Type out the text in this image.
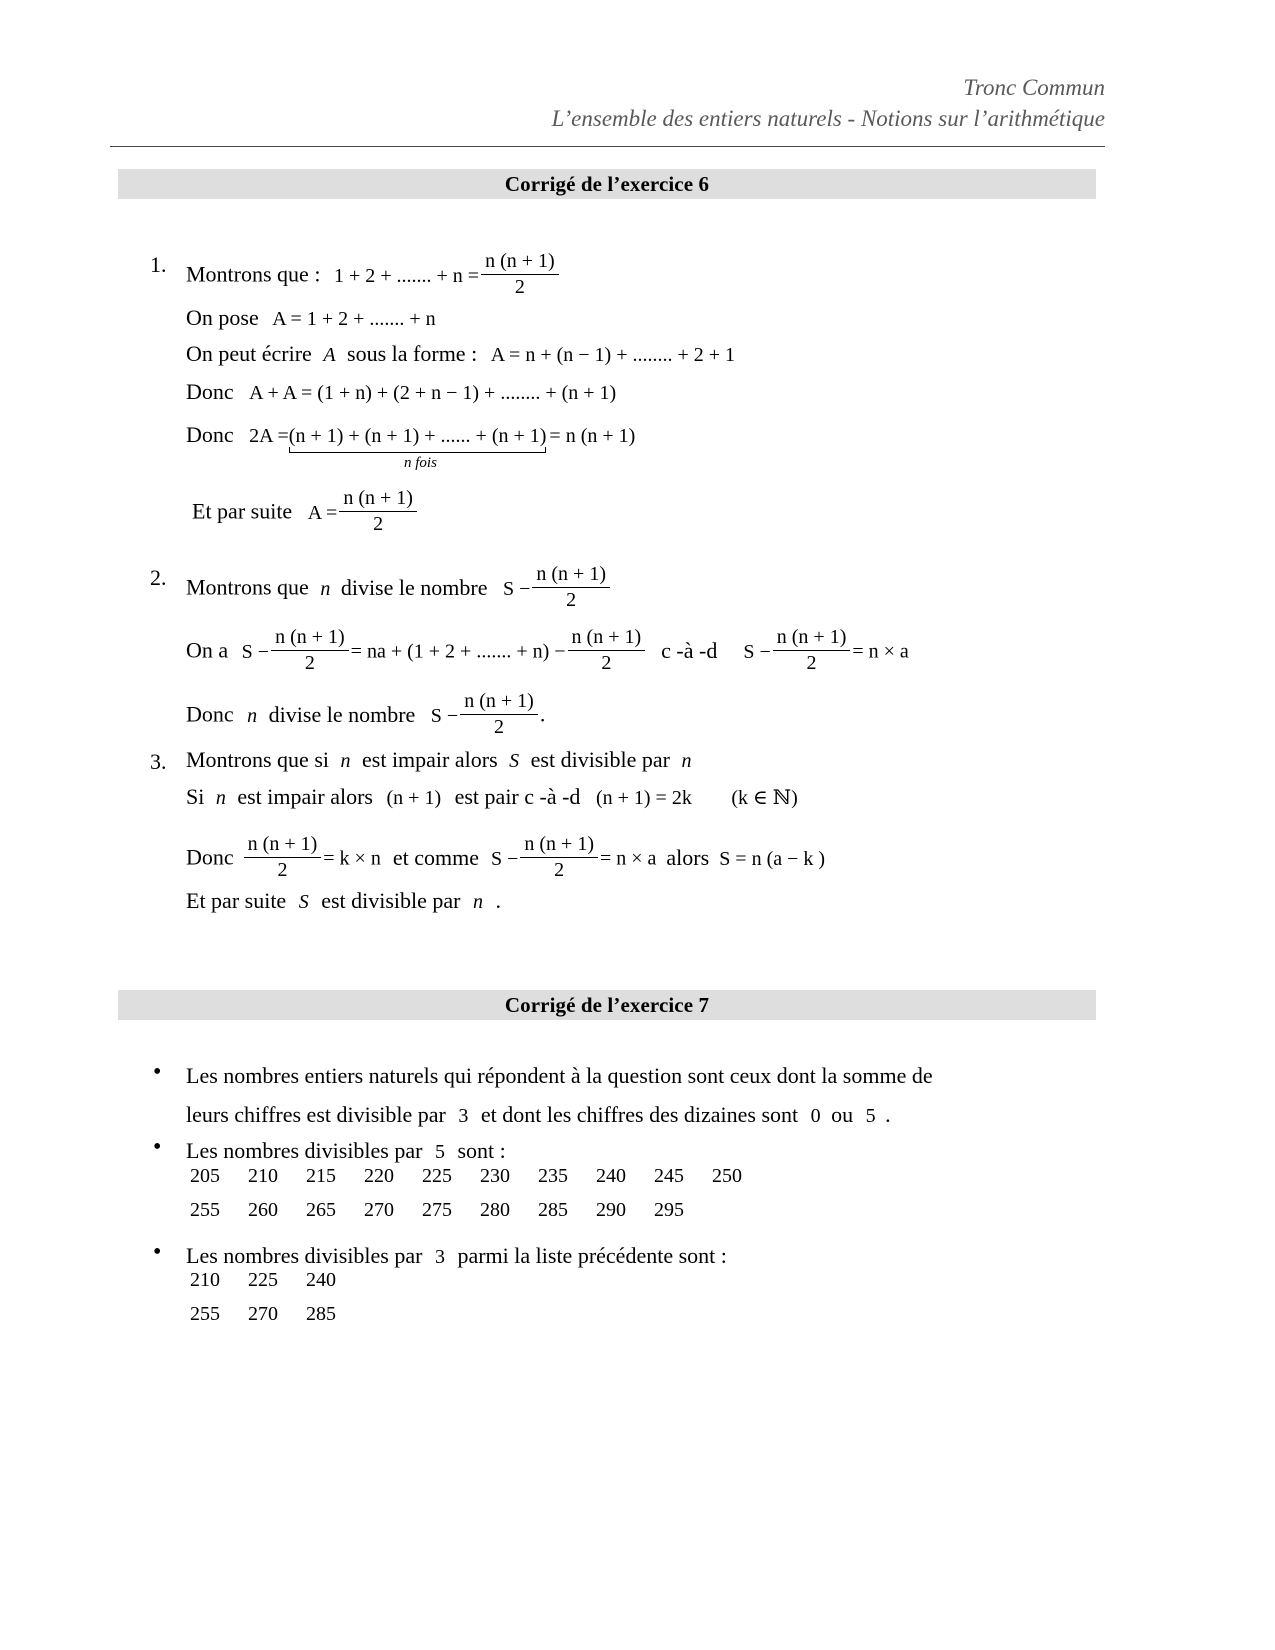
Tronc Commun
L’ensemble des entiers naturels - Notions sur l’arithmétique
Corrigé de l’exercice 6
1. Montrons que : 1 + 2 + ....... + $n = \frac{n (n + 1)}{2}$
On pose A = 1 + 2 + ....... + n
On peut écrire A sous la forme : A = n + (n − 1) + ........ + 2 + 1
Donc A + A = (1 + n) + (2 + n − 1) + ........ + (n + 1)
Donc 2A =(n + 1) + (n + 1) + ...... + (n + 1) = n (n + 1)
n fois
Et par suite $A = \frac{n (n + 1)}{2}$
2. Montrons que n divise le nombre $S - \frac{n (n + 1)}{2}$
On a $S - \frac{n (n + 1)}{2}$ = na + (1 + 2 + ....... + $n) - \frac{n (n + 1)}{2}$ c -à -d $S - \frac{n (n + 1)}{2} = n \times a$
Donc n divise le nombre $S - \frac{n (n + 1)}{2}$ .
3. Montrons que si n est impair alors S est divisible par n
Si n est impair alors (n + 1) est pair c -à -d (n + 1) = 2k (k ∈ ℕ)
Donc $\frac{n (n + 1)}{2} = k \times n$ et comme $S - \frac{n (n + 1)}{2} = n \times a$ alors S = n (a − k )
Et par suite S est divisible par n .
Corrigé de l’exercice 7
• Les nombres entiers naturels qui répondent à la question sont ceux dont la somme de
leurs chiffres est divisible par 3 et dont les chiffres des dizaines sont 0 ou 5 .
• Les nombres divisibles par 5 sont :
205 210 215 220 225 230 235 240 245 250
255 260 265 270 275 280 285 290 295
• Les nombres divisibles par 3 parmi la liste précédente sont :
210 225 240
255 270 285
